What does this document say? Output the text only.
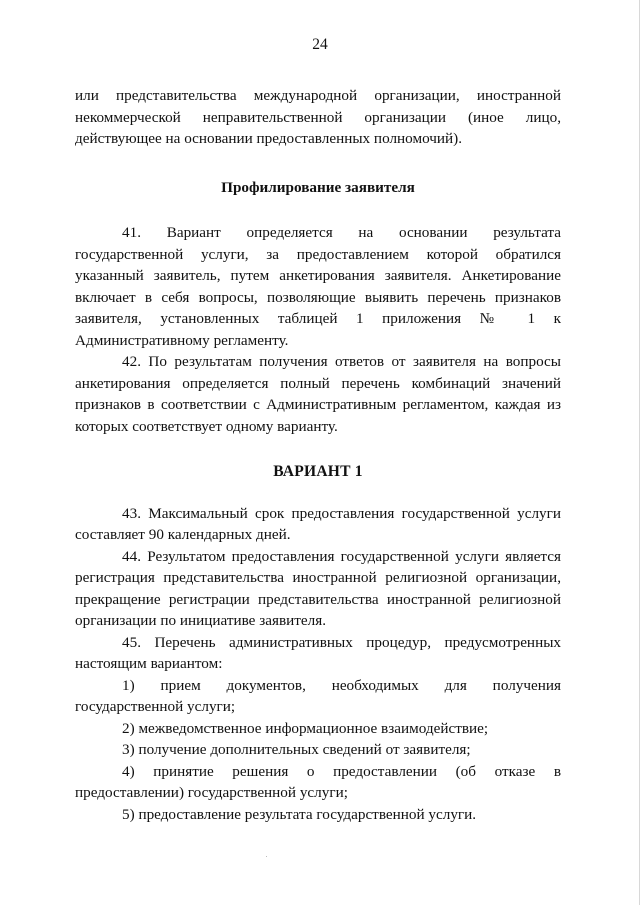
24

или представительства международной организации, иностранной

некоммерческой неправительственной организации (иное лицо,

действующее на основании предоставленных полномочий).

Профилирование заявителя

41. Вариант определяется на основании результата государственной услуги, за предоставлением которой обратился указанный заявитель, путем анкетирования заявителя. Анкетирование включает в себя вопросы, позволяющие выявить перечень признаков заявителя, установленных таблицей 1 приложения № 1 к Административному регламенту.

42. По результатам получения ответов от заявителя на вопросы анкетирования определяется полный перечень комбинаций значений признаков в соответствии с Административным регламентом, каждая из которых соответствует одному варианту.

ВАРИАНТ 1

43. Максимальный срок предоставления государственной услуги составляет 90 календарных дней.

44. Результатом предоставления государственной услуги является регистрация представительства иностранной религиозной организации, прекращение регистрации представительства иностранной религиозной организации по инициативе заявителя.

45. Перечень административных процедур, предусмотренных настоящим вариантом:

1) прием документов, необходимых для получения государственной услуги;

2) межведомственное информационное взаимодействие;

3) получение дополнительных сведений от заявителя;

4) принятие решения о предоставлении (об отказе в предоставлении) государственной услуги;

5) предоставление результата государственной услуги.
